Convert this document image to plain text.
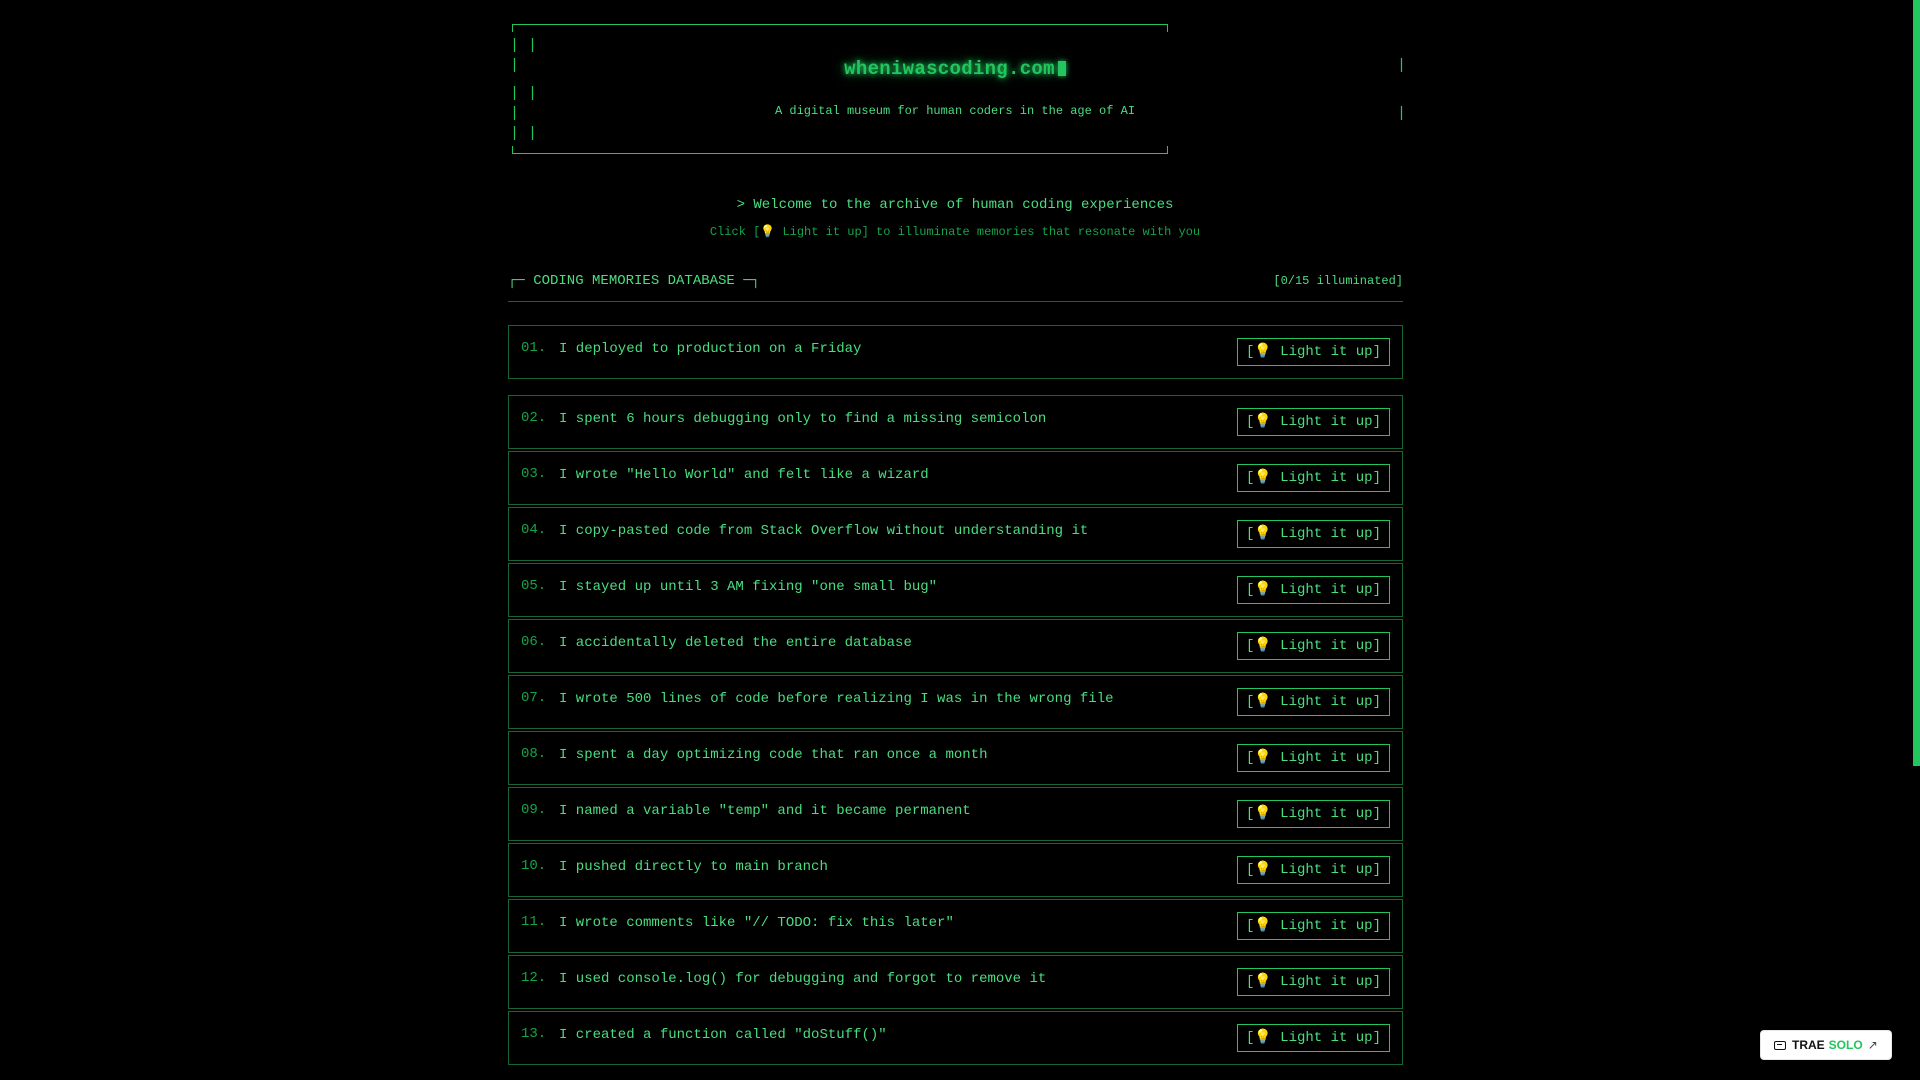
| |
|	|
| |
|	|
| |
wheniwascoding.com
A digital museum for human coders in the age of AI
> Welcome to the archive of human coding experiences
Click [💡 Light it up] to illuminate memories that resonate with you
┌─ CODING MEMORIES DATABASE ─┐	[0/15 illuminated]
01. I deployed to production on a Friday	[💡 Light it up]
02. I spent 6 hours debugging only to find a missing semicolon	[💡 Light it up]
03. I wrote "Hello World" and felt like a wizard	[💡 Light it up]
04. I copy-pasted code from Stack Overflow without understanding it	[💡 Light it up]
05. I stayed up until 3 AM fixing "one small bug"	[💡 Light it up]
06. I accidentally deleted the entire database	[💡 Light it up]
07. I wrote 500 lines of code before realizing I was in the wrong file	[💡 Light it up]
08. I spent a day optimizing code that ran once a month	[💡 Light it up]
09. I named a variable "temp" and it became permanent	[💡 Light it up]
10. I pushed directly to main branch	[💡 Light it up]
11. I wrote comments like "// TODO: fix this later"	[💡 Light it up]
12. I used console.log() for debugging and forgot to remove it	[💡 Light it up]
13. I created a function called "doStuff()"	[💡 Light it up]	TRAE SOLO ↗
